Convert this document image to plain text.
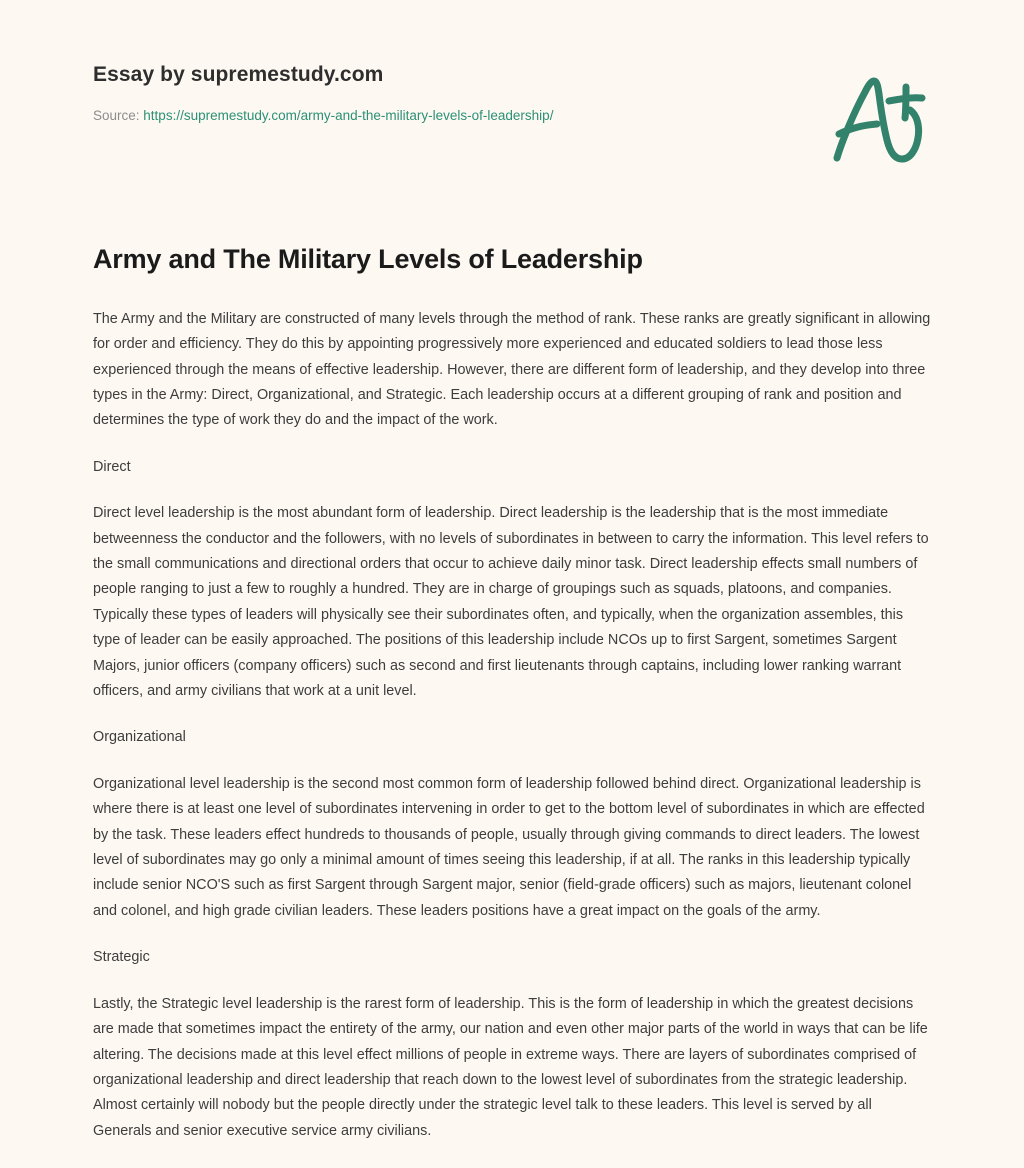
Essay by supremestudy.com
Source: https://supremestudy.com/army-and-the-military-levels-of-leadership/
Army and The Military Levels of Leadership

The Army and the Military are constructed of many levels through the method of rank. These ranks are greatly significant in allowing for order and efficiency. They do this by appointing progressively more experienced and educated soldiers to lead those less experienced through the means of effective leadership. However, there are different form of leadership, and they develop into three types in the Army: Direct, Organizational, and Strategic. Each leadership occurs at a different grouping of rank and position and determines the type of work they do and the impact of the work.

Direct

Direct level leadership is the most abundant form of leadership. Direct leadership is the leadership that is the most immediate betweenness the conductor and the followers, with no levels of subordinates in between to carry the information. This level refers to the small communications and directional orders that occur to achieve daily minor task. Direct leadership effects small numbers of people ranging to just a few to roughly a hundred. They are in charge of groupings such as squads, platoons, and companies. Typically these types of leaders will physically see their subordinates often, and typically, when the organization assembles, this type of leader can be easily approached. The positions of this leadership include NCOs up to first Sargent, sometimes Sargent Majors, junior officers (company officers) such as second and first lieutenants through captains, including lower ranking warrant officers, and army civilians that work at a unit level.

Organizational

Organizational level leadership is the second most common form of leadership followed behind direct. Organizational leadership is where there is at least one level of subordinates intervening in order to get to the bottom level of subordinates in which are effected by the task. These leaders effect hundreds to thousands of people, usually through giving commands to direct leaders. The lowest level of subordinates may go only a minimal amount of times seeing this leadership, if at all. The ranks in this leadership typically include senior NCO'S such as first Sargent through Sargent major, senior (field-grade officers) such as majors, lieutenant colonel and colonel, and high grade civilian leaders. These leaders positions have a great impact on the goals of the army.

Strategic

Lastly, the Strategic level leadership is the rarest form of leadership. This is the form of leadership in which the greatest decisions are made that sometimes impact the entirety of the army, our nation and even other major parts of the world in ways that can be life altering. The decisions made at this level effect millions of people in extreme ways. There are layers of subordinates comprised of organizational leadership and direct leadership that reach down to the lowest level of subordinates from the strategic leadership. Almost certainly will nobody but the people directly under the strategic level talk to these leaders. This level is served by all Generals and senior executive service army civilians.
